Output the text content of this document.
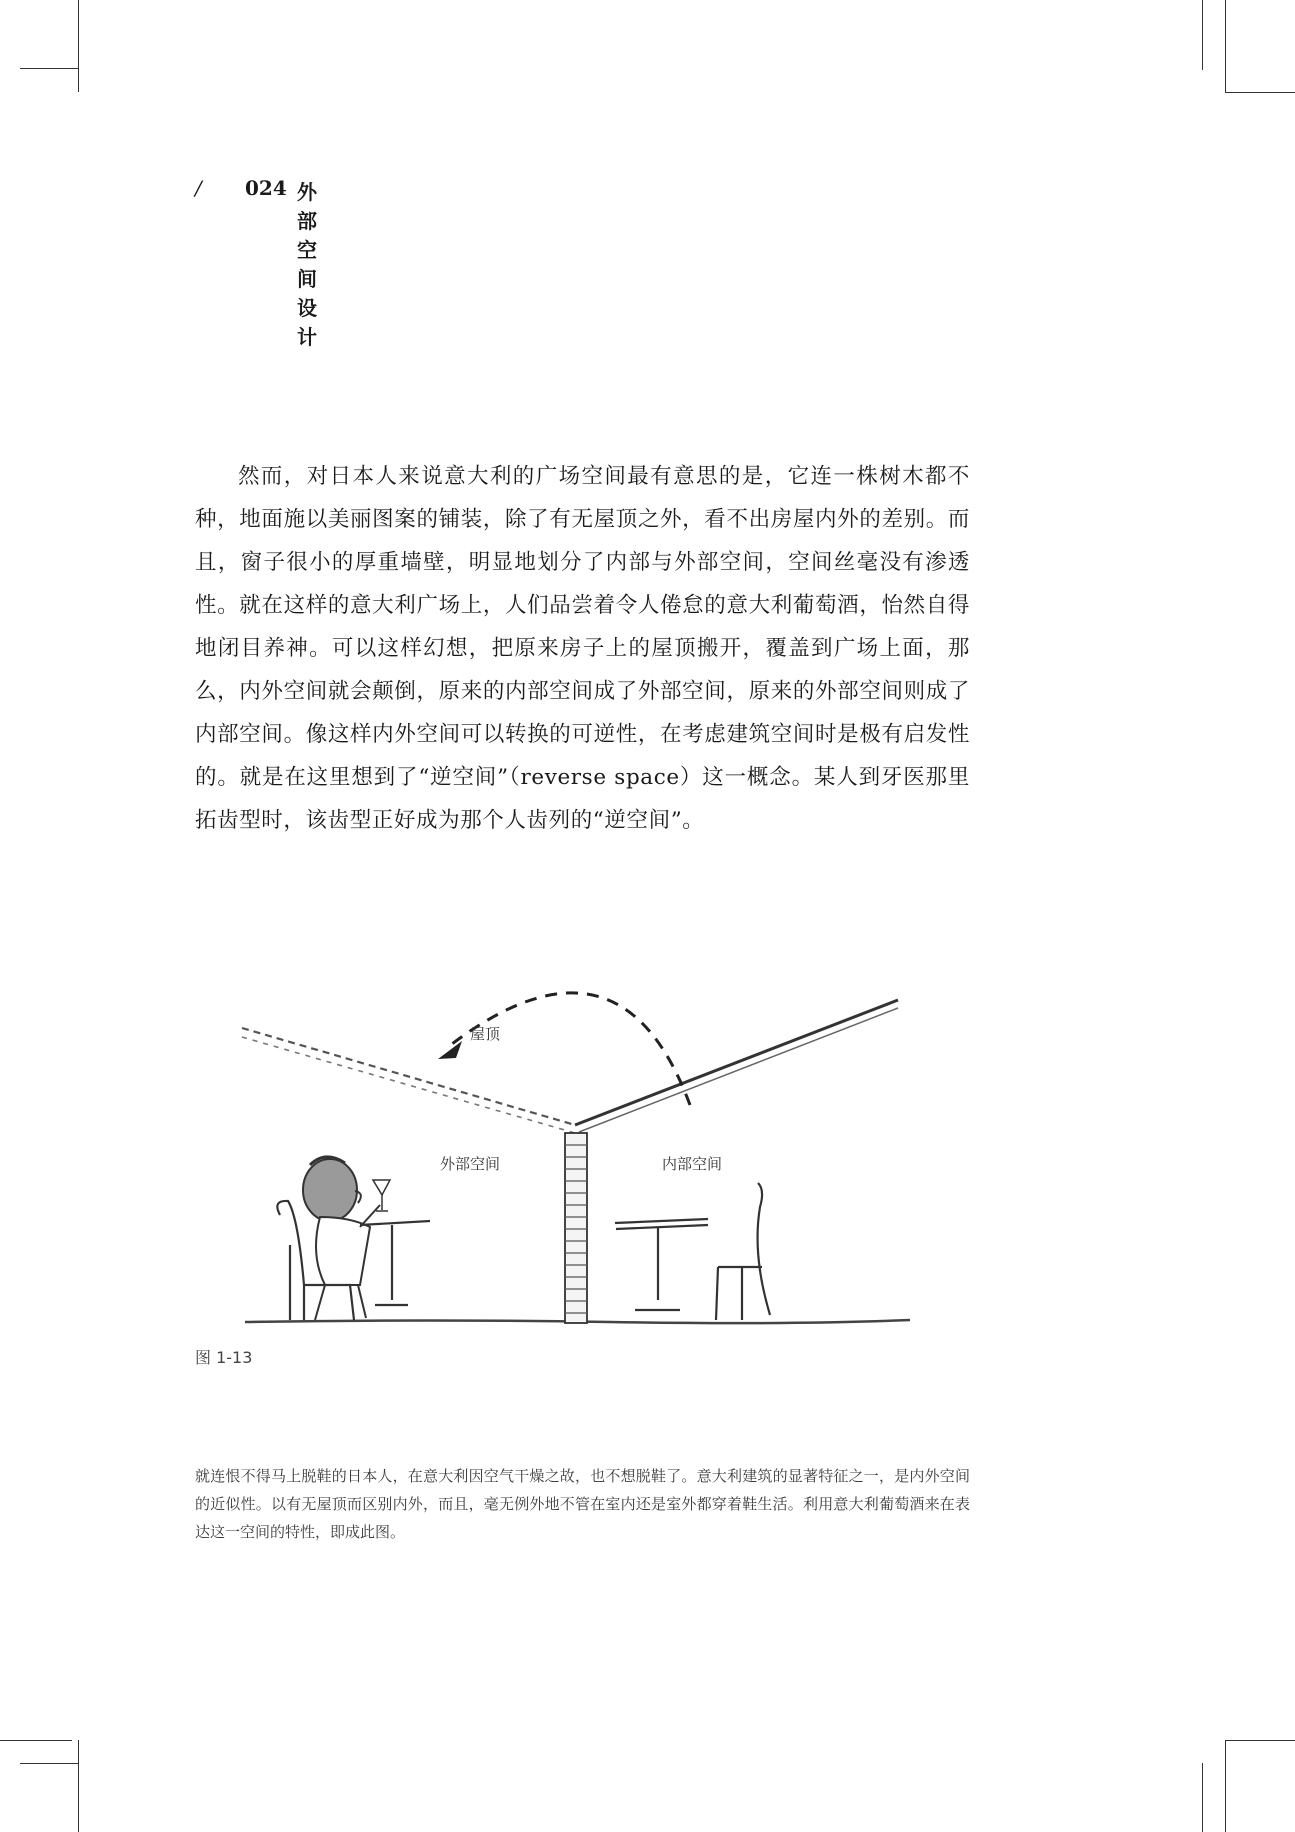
/ 024 外部空间设计

然而，对日本人来说意大利的广场空间最有意思的是，它连一株树木都不种，地面施以美丽图案的铺装，除了有无屋顶之外，看不出房屋内外的差别。而且，窗子很小的厚重墙壁，明显地划分了内部与外部空间，空间丝毫没有渗透性。就在这样的意大利广场上，人们品尝着令人倦怠的意大利葡萄酒，怡然自得地闭目养神。可以这样幻想，把原来房子上的屋顶搬开，覆盖到广场上面，那么，内外空间就会颠倒，原来的内部空间成了外部空间，原来的外部空间则成了内部空间。像这样内外空间可以转换的可逆性，在考虑建筑空间时是极有启发性的。就是在这里想到了“逆空间”（reverse space）这一概念。某人到牙医那里拓齿型时，该齿型正好成为那个人齿列的“逆空间”。

屋顶
外部空间	内部空间
图 1-13
就连恨不得马上脱鞋的日本人，在意大利因空气干燥之故，也不想脱鞋了。意大利建筑的显著特征之一，是内外空间的近似性。以有无屋顶而区别内外，而且，毫无例外地不管在室内还是室外都穿着鞋生活。利用意大利葡萄酒来在表达这一空间的特性，即成此图。
